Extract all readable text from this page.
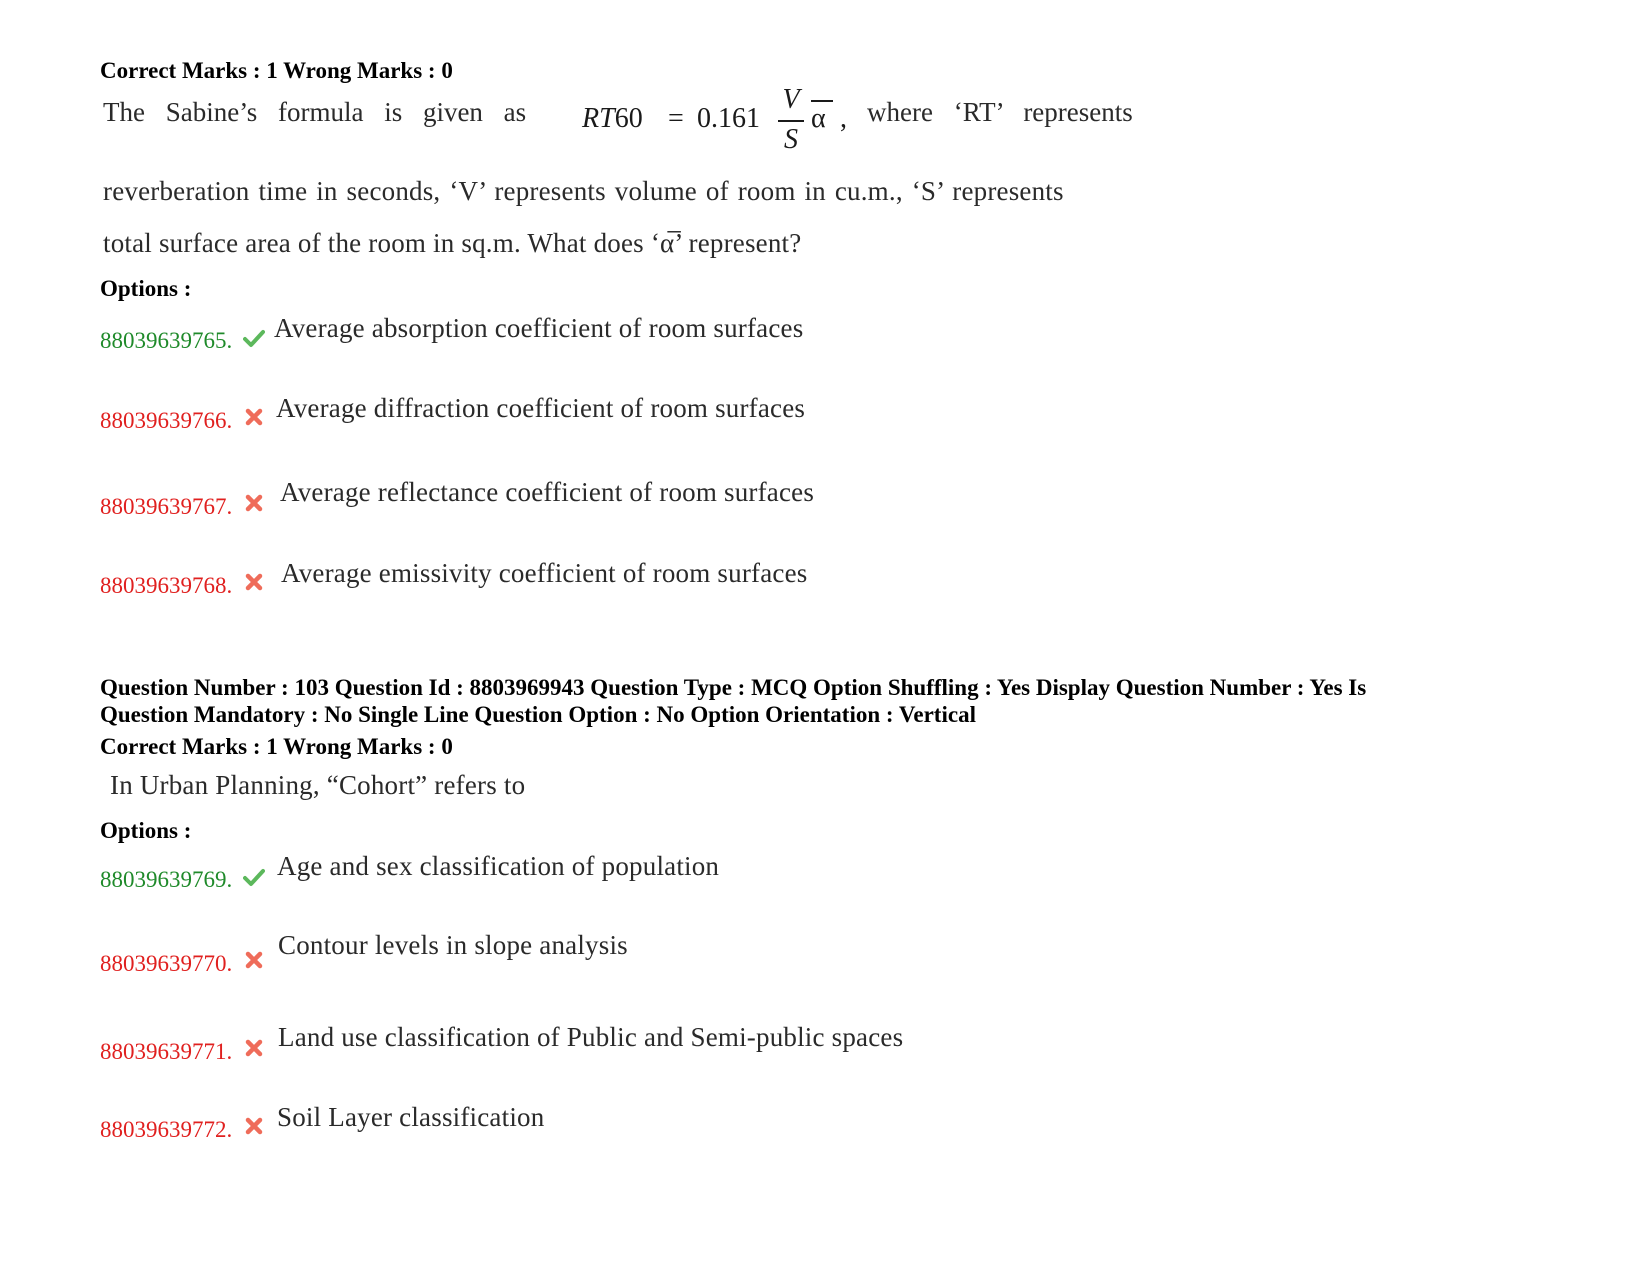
Correct Marks : 1 Wrong Marks : 0
The Sabine’s formula is given as RT60 = 0.161
V
S
α , where ‘RT’ represents
reverberation time in seconds, ‘V’ represents volume of room in cu.m., ‘S’ represents
total surface area of the room in sq.m. What does ‘α̅’ represent?
Options :
88039639765. Average absorption coefficient of room surfaces
88039639766. Average diffraction coefficient of room surfaces
88039639767. Average reflectance coefficient of room surfaces
88039639768. Average emissivity coefficient of room surfaces
Question Number : 103 Question Id : 8803969943 Question Type : MCQ Option Shuffling : Yes Display Question Number : Yes Is
Question Mandatory : No Single Line Question Option : No Option Orientation : Vertical
Correct Marks : 1 Wrong Marks : 0
In Urban Planning, “Cohort” refers to
Options :
88039639769. Age and sex classification of population
88039639770.
Contour levels in slope analysis
88039639771. Land use classification of Public and Semi-public spaces
88039639772. Soil Layer classification
